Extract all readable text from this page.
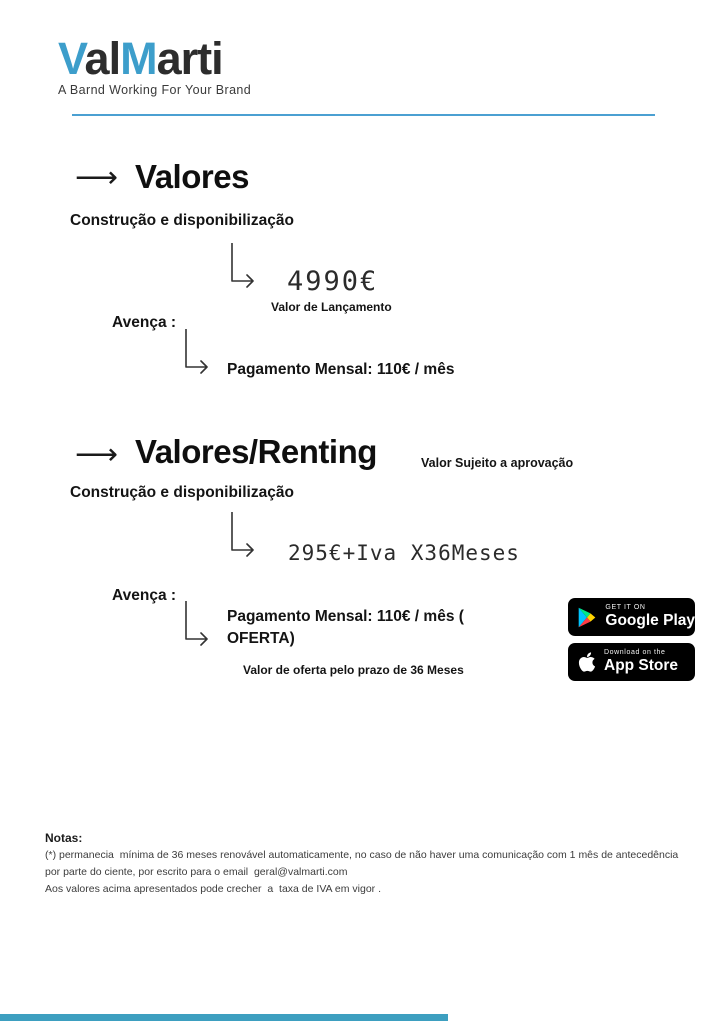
ValMarti
A Barnd Working For Your Brand
⟶ Valores
Construção e disponibilização
4990€
Valor de Lançamento
Avença :
Pagamento Mensal: 110€ / mês
⟶ Valores/Renting	Valor Sujeito a aprovação
Construção e disponibilização
295€+Iva X36Meses
Avença :
Pagamento Mensal: 110€ / mês ( OFERTA)
Valor de oferta pelo prazo de 36 Meses
GET IT ON
Google Play
Download on the
App Store
Notas:
(*) permanecia  mínima de 36 meses renovável automaticamente, no caso de não haver uma comunicação com 1 mês de antecedência por parte do ciente, por escrito para o email  geral@valmarti.com
Aos valores acima apresentados pode crecher  a  taxa de IVA em vigor .
